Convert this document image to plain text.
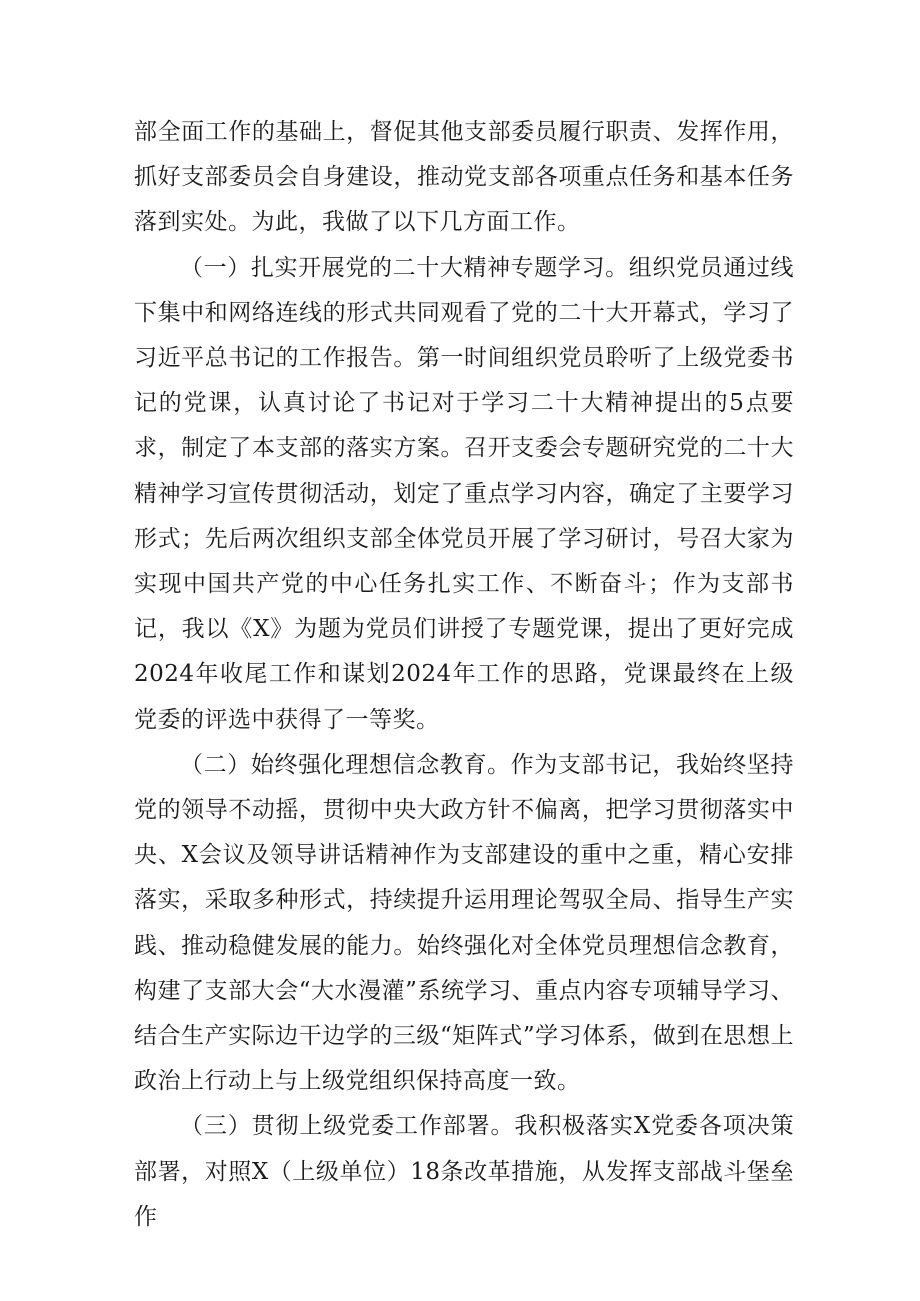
部全面工作的基础上，督促其他支部委员履行职责、发挥作用，抓好支部委员会自身建设，推动党支部各项重点任务和基本任务落到实处。为此，我做了以下几方面工作。

（一）扎实开展党的二十大精神专题学习。组织党员通过线下集中和网络连线的形式共同观看了党的二十大开幕式，学习了习近平总书记的工作报告。第一时间组织党员聆听了上级党委书记的党课，认真讨论了书记对于学习二十大精神提出的5点要求，制定了本支部的落实方案。召开支委会专题研究党的二十大精神学习宣传贯彻活动，划定了重点学习内容，确定了主要学习形式；先后两次组织支部全体党员开展了学习研讨，号召大家为实现中国共产党的中心任务扎实工作、不断奋斗；作为支部书记，我以《X》为题为党员们讲授了专题党课，提出了更好完成2024年收尾工作和谋划2024年工作的思路，党课最终在上级党委的评选中获得了一等奖。

（二）始终强化理想信念教育。作为支部书记，我始终坚持党的领导不动摇，贯彻中央大政方针不偏离，把学习贯彻落实中央、X会议及领导讲话精神作为支部建设的重中之重，精心安排落实，采取多种形式，持续提升运用理论驾驭全局、指导生产实践、推动稳健发展的能力。始终强化对全体党员理想信念教育，构建了支部大会“大水漫灌”系统学习、重点内容专项辅导学习、结合生产实际边干边学的三级“矩阵式”学习体系，做到在思想上政治上行动上与上级党组织保持高度一致。

（三）贯彻上级党委工作部署。我积极落实X党委各项决策部署，对照X（上级单位）18条改革措施，从发挥支部战斗堡垒作
